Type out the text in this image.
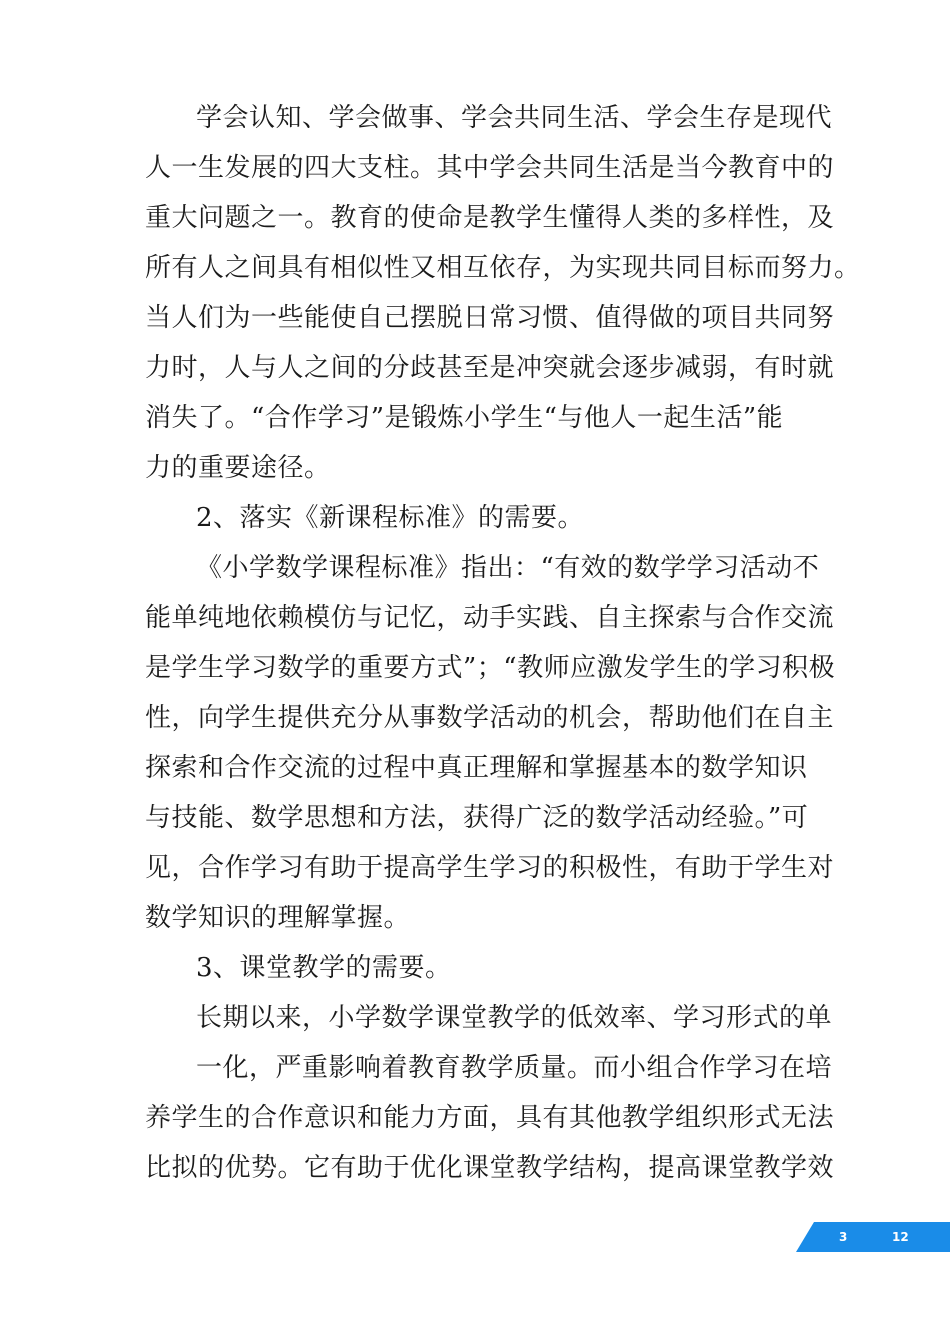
学会认知、学会做事、学会共同生活、学会生存是现代
人一生发展的四大支柱。其中学会共同生活是当今教育中的
重大问题之一。教育的使命是教学生懂得人类的多样性，及
所有人之间具有相似性又相互依存，为实现共同目标而努力。
当人们为一些能使自己摆脱日常习惯、值得做的项目共同努
力时，人与人之间的分歧甚至是冲突就会逐步减弱，有时就
消失了。“合作学习”是锻炼小学生“与他人一起生活”能
力的重要途径。
2、落实《新课程标准》的需要。
《小学数学课程标准》指出：“有效的数学学习活动不
能单纯地依赖模仿与记忆，动手实践、自主探索与合作交流
是学生学习数学的重要方式”；“教师应激发学生的学习积极
性，向学生提供充分从事数学活动的机会，帮助他们在自主
探索和合作交流的过程中真正理解和掌握基本的数学知识
与技能、数学思想和方法，获得广泛的数学活动经验。”可
见，合作学习有助于提高学生学习的积极性，有助于学生对
数学知识的理解掌握。
3、课堂教学的需要。
长期以来，小学数学课堂教学的低效率、学习形式的单
一化，严重影响着教育教学质量。而小组合作学习在培
养学生的合作意识和能力方面，具有其他教学组织形式无法
比拟的优势。它有助于优化课堂教学结构，提高课堂教学效
3	12
